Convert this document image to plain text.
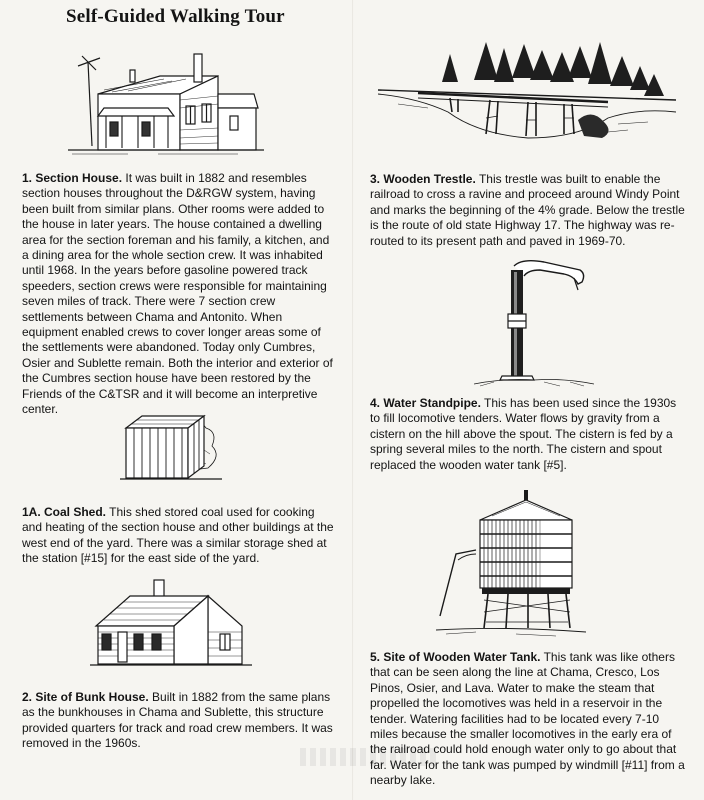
Self-Guided Walking Tour
1. Section House. It was built in 1882 and resembles section houses throughout the D&RGW system, having been built from similar plans. Other rooms were added to the house in later years. The house contained a dwelling area for the section foreman and his family, a kitchen, and a dining area for the whole section crew. It was inhabited until 1968. In the years before gasoline powered track speeders, section crews were responsible for maintaining seven miles of track. There were 7 section crew settlements between Chama and Antonito. When equipment enabled crews to cover longer areas some of the settlements were abandoned. Today only Cumbres, Osier and Sublette remain. Both the interior and exterior of the Cumbres section house have been restored by the Friends of the C&TSR and it will become an interpretive center.
1A. Coal Shed. This shed stored coal used for cooking and heating of the section house and other buildings at the west end of the yard. There was a similar storage shed at the station [#15] for the east side of the yard.
2. Site of Bunk House. Built in 1882 from the same plans as the bunkhouses in Chama and Sublette, this structure provided quarters for track and road crew members. It was removed in the 1960s.
3. Wooden Trestle. This trestle was built to enable the railroad to cross a ravine and proceed around Windy Point and marks the beginning of the 4% grade. Below the trestle is the route of old state Highway 17. The highway was re-routed to its present path and paved in 1969-70.
4. Water Standpipe. This has been used since the 1930s to fill locomotive tenders. Water flows by gravity from a cistern on the hill above the spout. The cistern is fed by a spring several miles to the north. The cistern and spout replaced the wooden water tank [#5].
5. Site of Wooden Water Tank. This tank was like others that can be seen along the line at Chama, Cresco, Los Pinos, Osier, and Lava. Water to make the steam that propelled the locomotives was held in a reservoir in the tender. Watering facilities had to be located every 7-10 miles because the smaller locomotives in the early era of the railroad could hold enough water only to go about that far. Water for the tank was pumped by windmill [#11] from a nearby lake.
